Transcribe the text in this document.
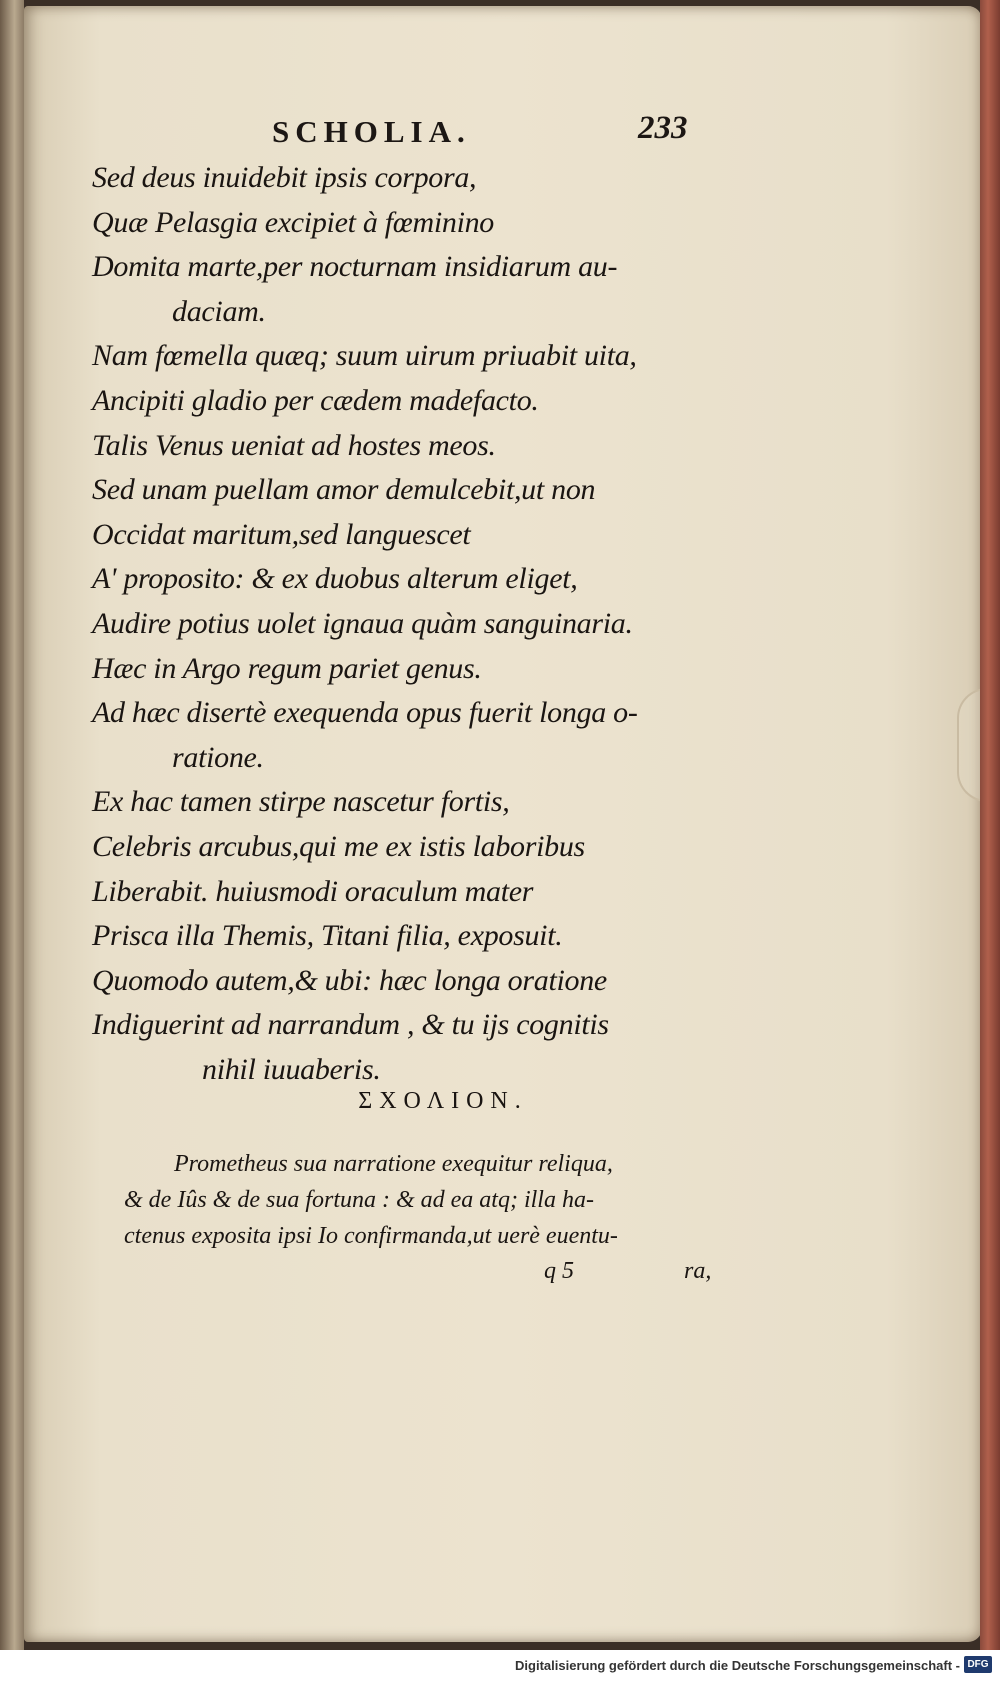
SCHOLIA.	233
Sed deus inuidebit ipsis corpora,
Quæ Pelasgia excipiet à fœminino
Domita marte,per nocturnam insidiarum au-
daciam.
Nam fœmella quæq; suum uirum priuabit uita,
Ancipiti gladio per cædem madefacto.
Talis Venus ueniat ad hostes meos.
Sed unam puellam amor demulcebit,ut non
Occidat maritum,sed languescet
A' proposito: & ex duobus alterum eliget,
Audire potius uolet ignaua quàm sanguinaria.
Hæc in Argo regum pariet genus.
Ad hæc disertè exequenda opus fuerit longa o-
ratione.
Ex hac tamen stirpe nascetur fortis,
Celebris arcubus,qui me ex istis laboribus
Liberabit. huiusmodi oraculum mater
Prisca illa Themis, Titani filia, exposuit.
Quomodo autem,& ubi: hæc longa oratione
Indiguerint ad narrandum , & tu ijs cognitis
nihil iuuaberis.
ΣΧΟΛΙΟΝ.
Prometheus sua narratione exequitur reliqua,
& de Iûs & de sua fortuna : & ad ea atq; illa ha-
ctenus exposita ipsi Io confirmanda,ut uerè euentu-
q 5	ra,
Digitalisierung gefördert durch die Deutsche Forschungsgemeinschaft - DFG
